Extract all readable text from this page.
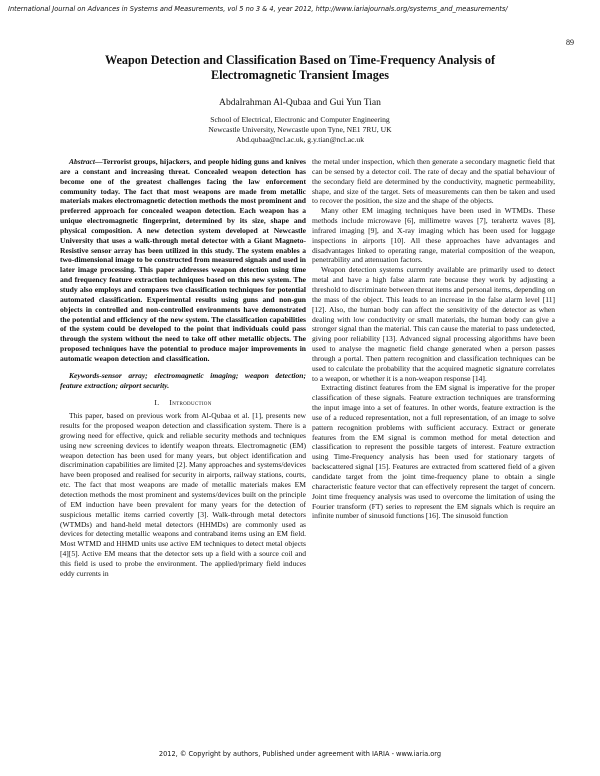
International Journal on Advances in Systems and Measurements, vol 5 no 3 & 4, year 2012, http://www.iariajournals.org/systems_and_measurements/
89
Weapon Detection and Classification Based on Time-Frequency Analysis of
Electromagnetic Transient Images
Abdalrahman Al-Qubaa and Gui Yun Tian
School of Electrical, Electronic and Computer Engineering
Newcastle University, Newcastle upon Tyne, NE1 7RU, UK
Abd.qubaa@ncl.ac.uk, g.y.tian@ncl.ac.uk

Abstract—Terrorist groups, hijackers, and people hiding guns and knives are a constant and increasing threat. Concealed weapon detection has become one of the greatest challenges facing the law enforcement community today. The fact that most weapons are made from metallic materials makes electromagnetic detection methods the most prominent and preferred approach for concealed weapon detection. Each weapon has a unique electromagnetic fingerprint, determined by its size, shape and physical composition. A new detection system developed at Newcastle University that uses a walk-through metal detector with a Giant Magneto-Resistive sensor array has been utilized in this study. The system enables a two-dimensional image to be constructed from measured signals and used in later image processing. This paper addresses weapon detection using time and frequency feature extraction techniques based on this new system. The study also employs and compares two classification techniques for potential automated classification. Experimental results using guns and non-gun objects in controlled and non-controlled environments have demonstrated the potential and efficiency of the new system. The classification capabilities of the system could be developed to the point that individuals could pass through the system without the need to take off other metallic objects. The proposed techniques have the potential to produce major improvements in automatic weapon detection and classification.

Keywords-sensor array; electromagnetic imaging; weapon detection; feature extraction; airport security.

I. Introduction

This paper, based on previous work from Al-Qubaa et al. [1], presents new results for the proposed weapon detection and classification system. There is a growing need for effective, quick and reliable security methods and techniques using new screening devices to identify weapon threats. Electromagnetic (EM) weapon detection has been used for many years, but object identification and discrimination capabilities are limited [2]. Many approaches and systems/devices have been proposed and realised for security in airports, railway stations, courts, etc. The fact that most weapons are made of metallic materials makes EM detection methods the most prominent and systems/devices built on the principle of EM induction have been prevalent for many years for the detection of suspicious metallic items carried covertly [3]. Walk-through metal detectors (WTMDs) and hand-held metal detectors (HHMDs) are commonly used as devices for detecting metallic weapons and contraband items using an EM field. Most WTMD and HHMD units use active EM techniques to detect metal objects [4][5]. Active EM means that the detector sets up a field with a source coil and this field is used to probe the environment. The applied/primary field induces eddy currents in

the metal under inspection, which then generate a secondary magnetic field that can be sensed by a detector coil. The rate of decay and the spatial behaviour of the secondary field are determined by the conductivity, magnetic permeability, shape, and size of the target. Sets of measurements can then be taken and used to recover the position, the size and the shape of the objects.

Many other EM imaging techniques have been used in WTMDs. These methods include microwave [6], millimetre waves [7], terahertz waves [8], infrared imaging [9], and X-ray imaging which has been used for luggage inspections in airports [10]. All these approaches have advantages and disadvantages linked to operating range, material composition of the weapon, penetrability and attenuation factors.

Weapon detection systems currently available are primarily used to detect metal and have a high false alarm rate because they work by adjusting a threshold to discriminate between threat items and personal items, depending on the mass of the object. This leads to an increase in the false alarm level [11] [12]. Also, the human body can affect the sensitivity of the detector as when dealing with low conductivity or small materials, the human body can give a stronger signal than the material. This can cause the material to pass undetected, giving poor reliability [13]. Advanced signal processing algorithms have been used to analyse the magnetic field change generated when a person passes through a portal. Then pattern recognition and classification techniques can be used to calculate the probability that the acquired magnetic signature correlates to a weapon, or whether it is a non-weapon response [14].

Extracting distinct features from the EM signal is imperative for the proper classification of these signals. Feature extraction techniques are transforming the input image into a set of features. In other words, feature extraction is the use of a reduced representation, not a full representation, of an image to solve pattern recognition problems with sufficient accuracy. Extract or generate features from the EM signal is common method for metal detection and classification to represent the possible targets of interest. Feature extraction using Time-Frequency analysis has been used for stationary targets of backscattered signal [15]. Features are extracted from scattered field of a given candidate target from the joint time-frequency plane to obtain a single characteristic feature vector that can effectively represent the target of concern. Joint time frequency analysis was used to overcome the limitation of using the Fourier transform (FT) series to represent the EM signals which is require an infinite number of sinusoid functions [16]. The sinusoid function

2012, © Copyright by authors, Published under agreement with IARIA - www.iaria.org
